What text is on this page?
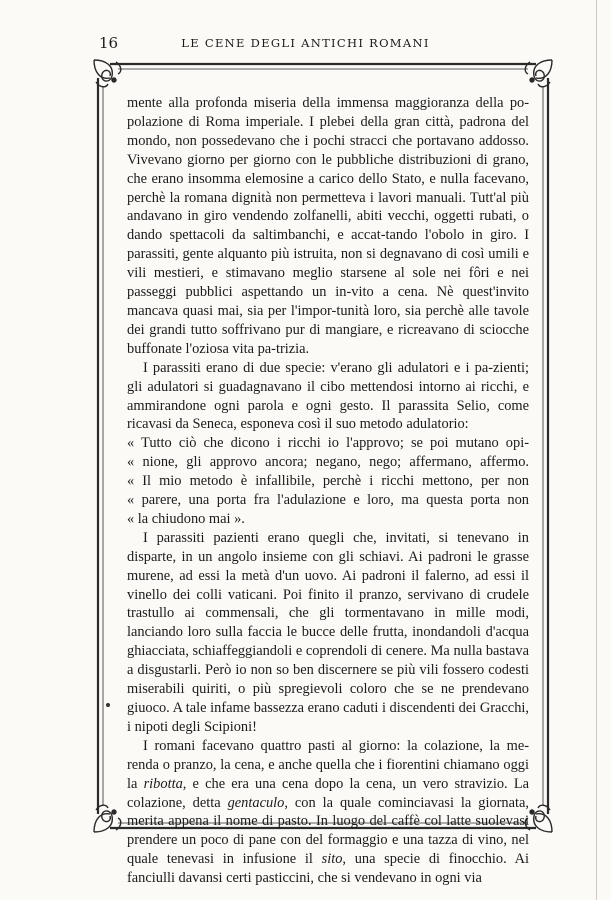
16	LE CENE DEGLI ANTICHI ROMANI

mente alla profonda miseria della immensa maggioranza della po-polazione di Roma imperiale. I plebei della gran città, padrona del mondo, non possedevano che i pochi stracci che portavano addosso. Vivevano giorno per giorno con le pubbliche distribuzioni di grano, che erano insomma elemosine a carico dello Stato, e nulla facevano, perchè la romana dignità non permetteva i lavori manuali. Tutt'al più andavano in giro vendendo zolfanelli, abiti vecchi, oggetti rubati, o dando spettacoli da saltimbanchi, e accat-tando l'obolo in giro. I parassiti, gente alquanto più istruita, non si degnavano di così umili e vili mestieri, e stimavano meglio starsene al sole nei fôri e nei passeggi pubblici aspettando un in-vito a cena. Nè quest'invito mancava quasi mai, sia per l'impor-tunità loro, sia perchè alle tavole dei grandi tutto soffrivano pur di mangiare, e ricreavano di sciocche buffonate l'oziosa vita pa-trizia.

I parassiti erano di due specie: v'erano gli adulatori e i pa-zienti; gli adulatori si guadagnavano il cibo mettendosi intorno ai ricchi, e ammirandone ogni parola e ogni gesto. Il parassita Selio, come ricavasi da Seneca, esponeva così il suo metodo adulatorio:

« Tutto ciò che dicono i ricchi io l'approvo; se poi mutano opi-

« nione, gli approvo ancora; negano, nego; affermano, affermo.

« Il mio metodo è infallibile, perchè i ricchi mettono, per non

« parere, una porta fra l'adulazione e loro, ma questa porta non

« la chiudono mai ».

I parassiti pazienti erano quegli che, invitati, si tenevano in disparte, in un angolo insieme con gli schiavi. Ai padroni le grasse murene, ad essi la metà d'un uovo. Ai padroni il falerno, ad essi il vinello dei colli vaticani. Poi finito il pranzo, servivano di crudele trastullo ai commensali, che gli tormentavano in mille modi, lanciando loro sulla faccia le bucce delle frutta, inondandoli d'acqua ghiacciata, schiaffeggiandoli e coprendoli di cenere. Ma nulla bastava a disgustarli. Però io non so ben discernere se più vili fossero codesti miserabili quiriti, o più spregievoli coloro che se ne prendevano giuoco. A tale infame bassezza erano caduti i discendenti dei Gracchi, i nipoti degli Scipioni!

I romani facevano quattro pasti al giorno: la colazione, la me-renda o pranzo, la cena, e anche quella che i fiorentini chiamano oggi la ribotta, e che era una cena dopo la cena, un vero stravizio. La colazione, detta gentaculo, con la quale cominciavasi la giornata, merita appena il nome di pasto. In luogo del caffè col latte suolevasi prendere un poco di pane con del formaggio e una tazza di vino, nel quale tenevasi in infusione il sito, una specie di finocchio. Ai fanciulli davansi certi pasticcini, che si vendevano in ogni via
